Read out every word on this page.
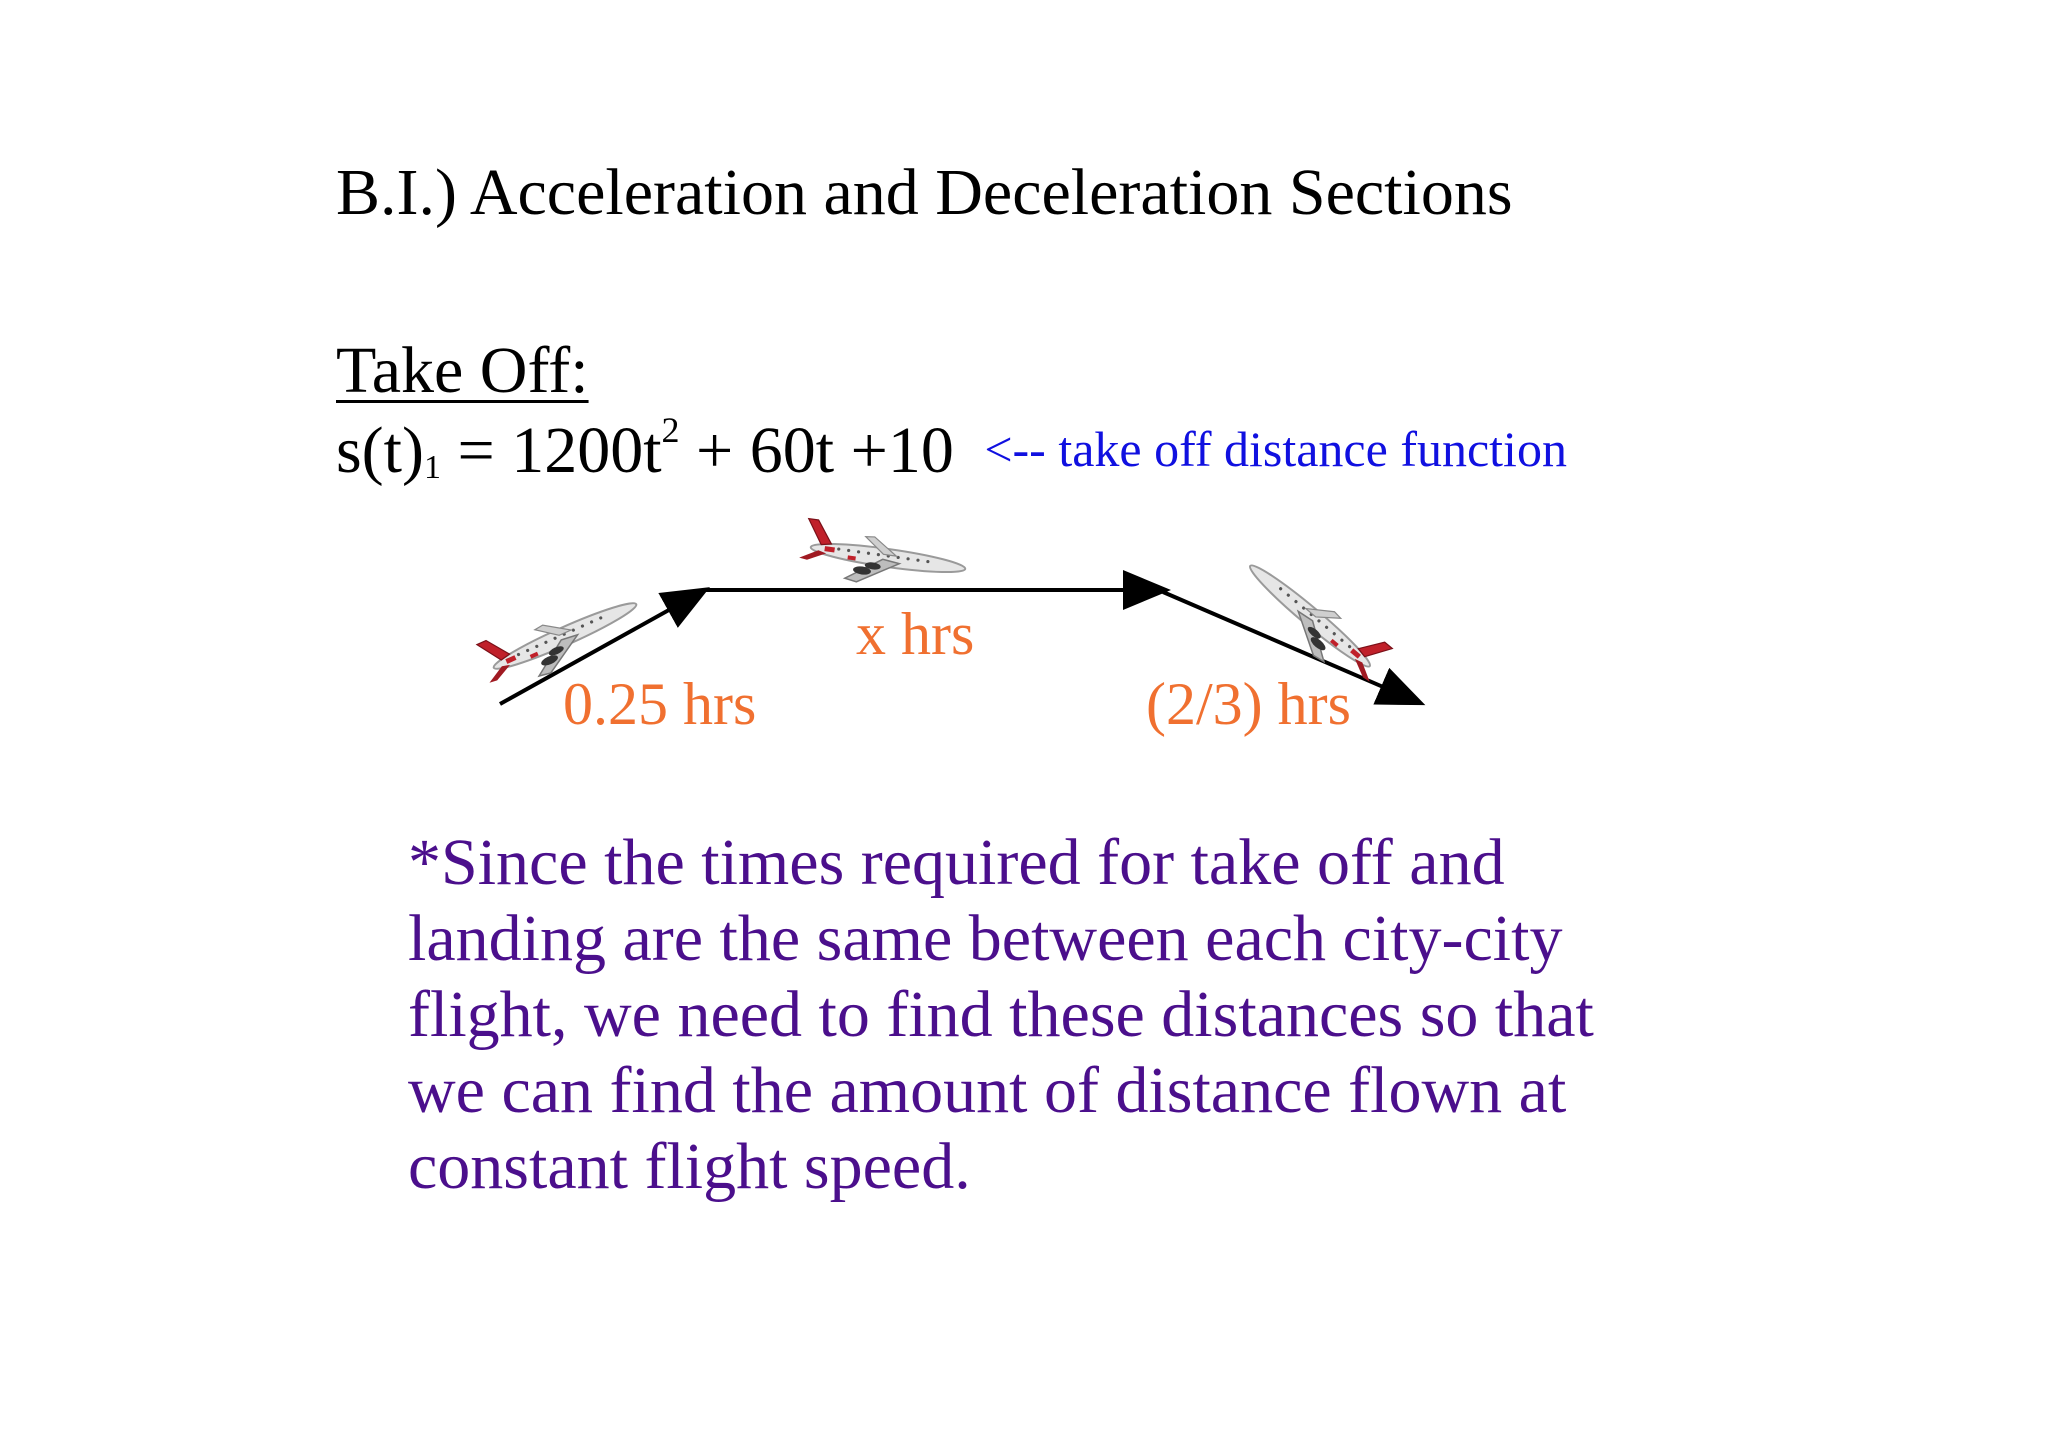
B.I.) Acceleration and Deceleration Sections
Take Off:
$s(t)1 = 1200t^2 + 60t +10$ <-- take off distance function
x hrs
0.25 hrs	(2/3) hrs
*Since the times required for take off and
landing are the same between each city-city
flight, we need to find these distances so that
we can find the amount of distance flown at
constant flight speed.
